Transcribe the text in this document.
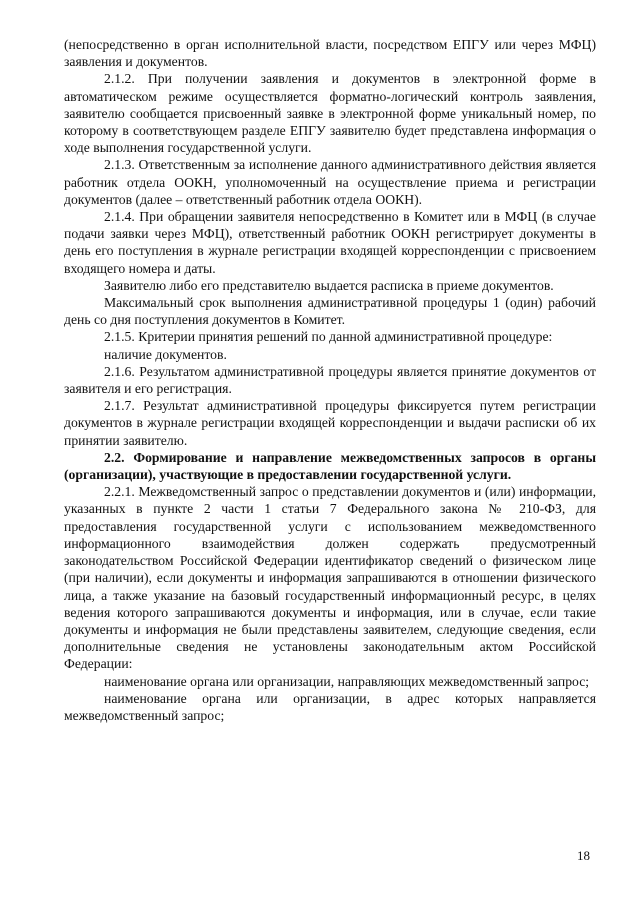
(непосредственно в орган исполнительной власти, посредством ЕПГУ или через МФЦ) заявления и документов.

2.1.2. При получении заявления и документов в электронной форме в автоматическом режиме осуществляется форматно-логический контроль заявления, заявителю сообщается присвоенный заявке в электронной форме уникальный номер, по которому в соответствующем разделе ЕПГУ заявителю будет представлена информация о ходе выполнения государственной услуги.

2.1.3. Ответственным за исполнение данного административного действия является работник отдела ООКН, уполномоченный на осуществление приема и регистрации документов (далее – ответственный работник отдела ООКН).

2.1.4. При обращении заявителя непосредственно в Комитет или в МФЦ (в случае подачи заявки через МФЦ), ответственный работник ООКН регистрирует документы в день его поступления в журнале регистрации входящей корреспонденции с присвоением входящего номера и даты.

Заявителю либо его представителю выдается расписка в приеме документов.

Максимальный срок выполнения административной процедуры 1 (один) рабочий день со дня поступления документов в Комитет.

2.1.5. Критерии принятия решений по данной административной процедуре:

наличие документов.

2.1.6. Результатом административной процедуры является принятие документов от заявителя и его регистрация.

2.1.7. Результат административной процедуры фиксируется путем регистрации документов в журнале регистрации входящей корреспонденции и выдачи расписки об их принятии заявителю.

2.2. Формирование и направление межведомственных запросов в органы (организации), участвующие в предоставлении государственной услуги.

2.2.1. Межведомственный запрос о представлении документов и (или) информации, указанных в пункте 2 части 1 статьи 7 Федерального закона № 210-ФЗ, для предоставления государственной услуги с использованием межведомственного информационного взаимодействия должен содержать предусмотренный законодательством Российской Федерации идентификатор сведений о физическом лице (при наличии), если документы и информация запрашиваются в отношении физического лица, а также указание на базовый государственный информационный ресурс, в целях ведения которого запрашиваются документы и информация, или в случае, если такие документы и информация не были представлены заявителем, следующие сведения, если дополнительные сведения не установлены законодательным актом Российской Федерации:

наименование органа или организации, направляющих межведомственный запрос;

наименование органа или организации, в адрес которых направляется межведомственный запрос;

18
